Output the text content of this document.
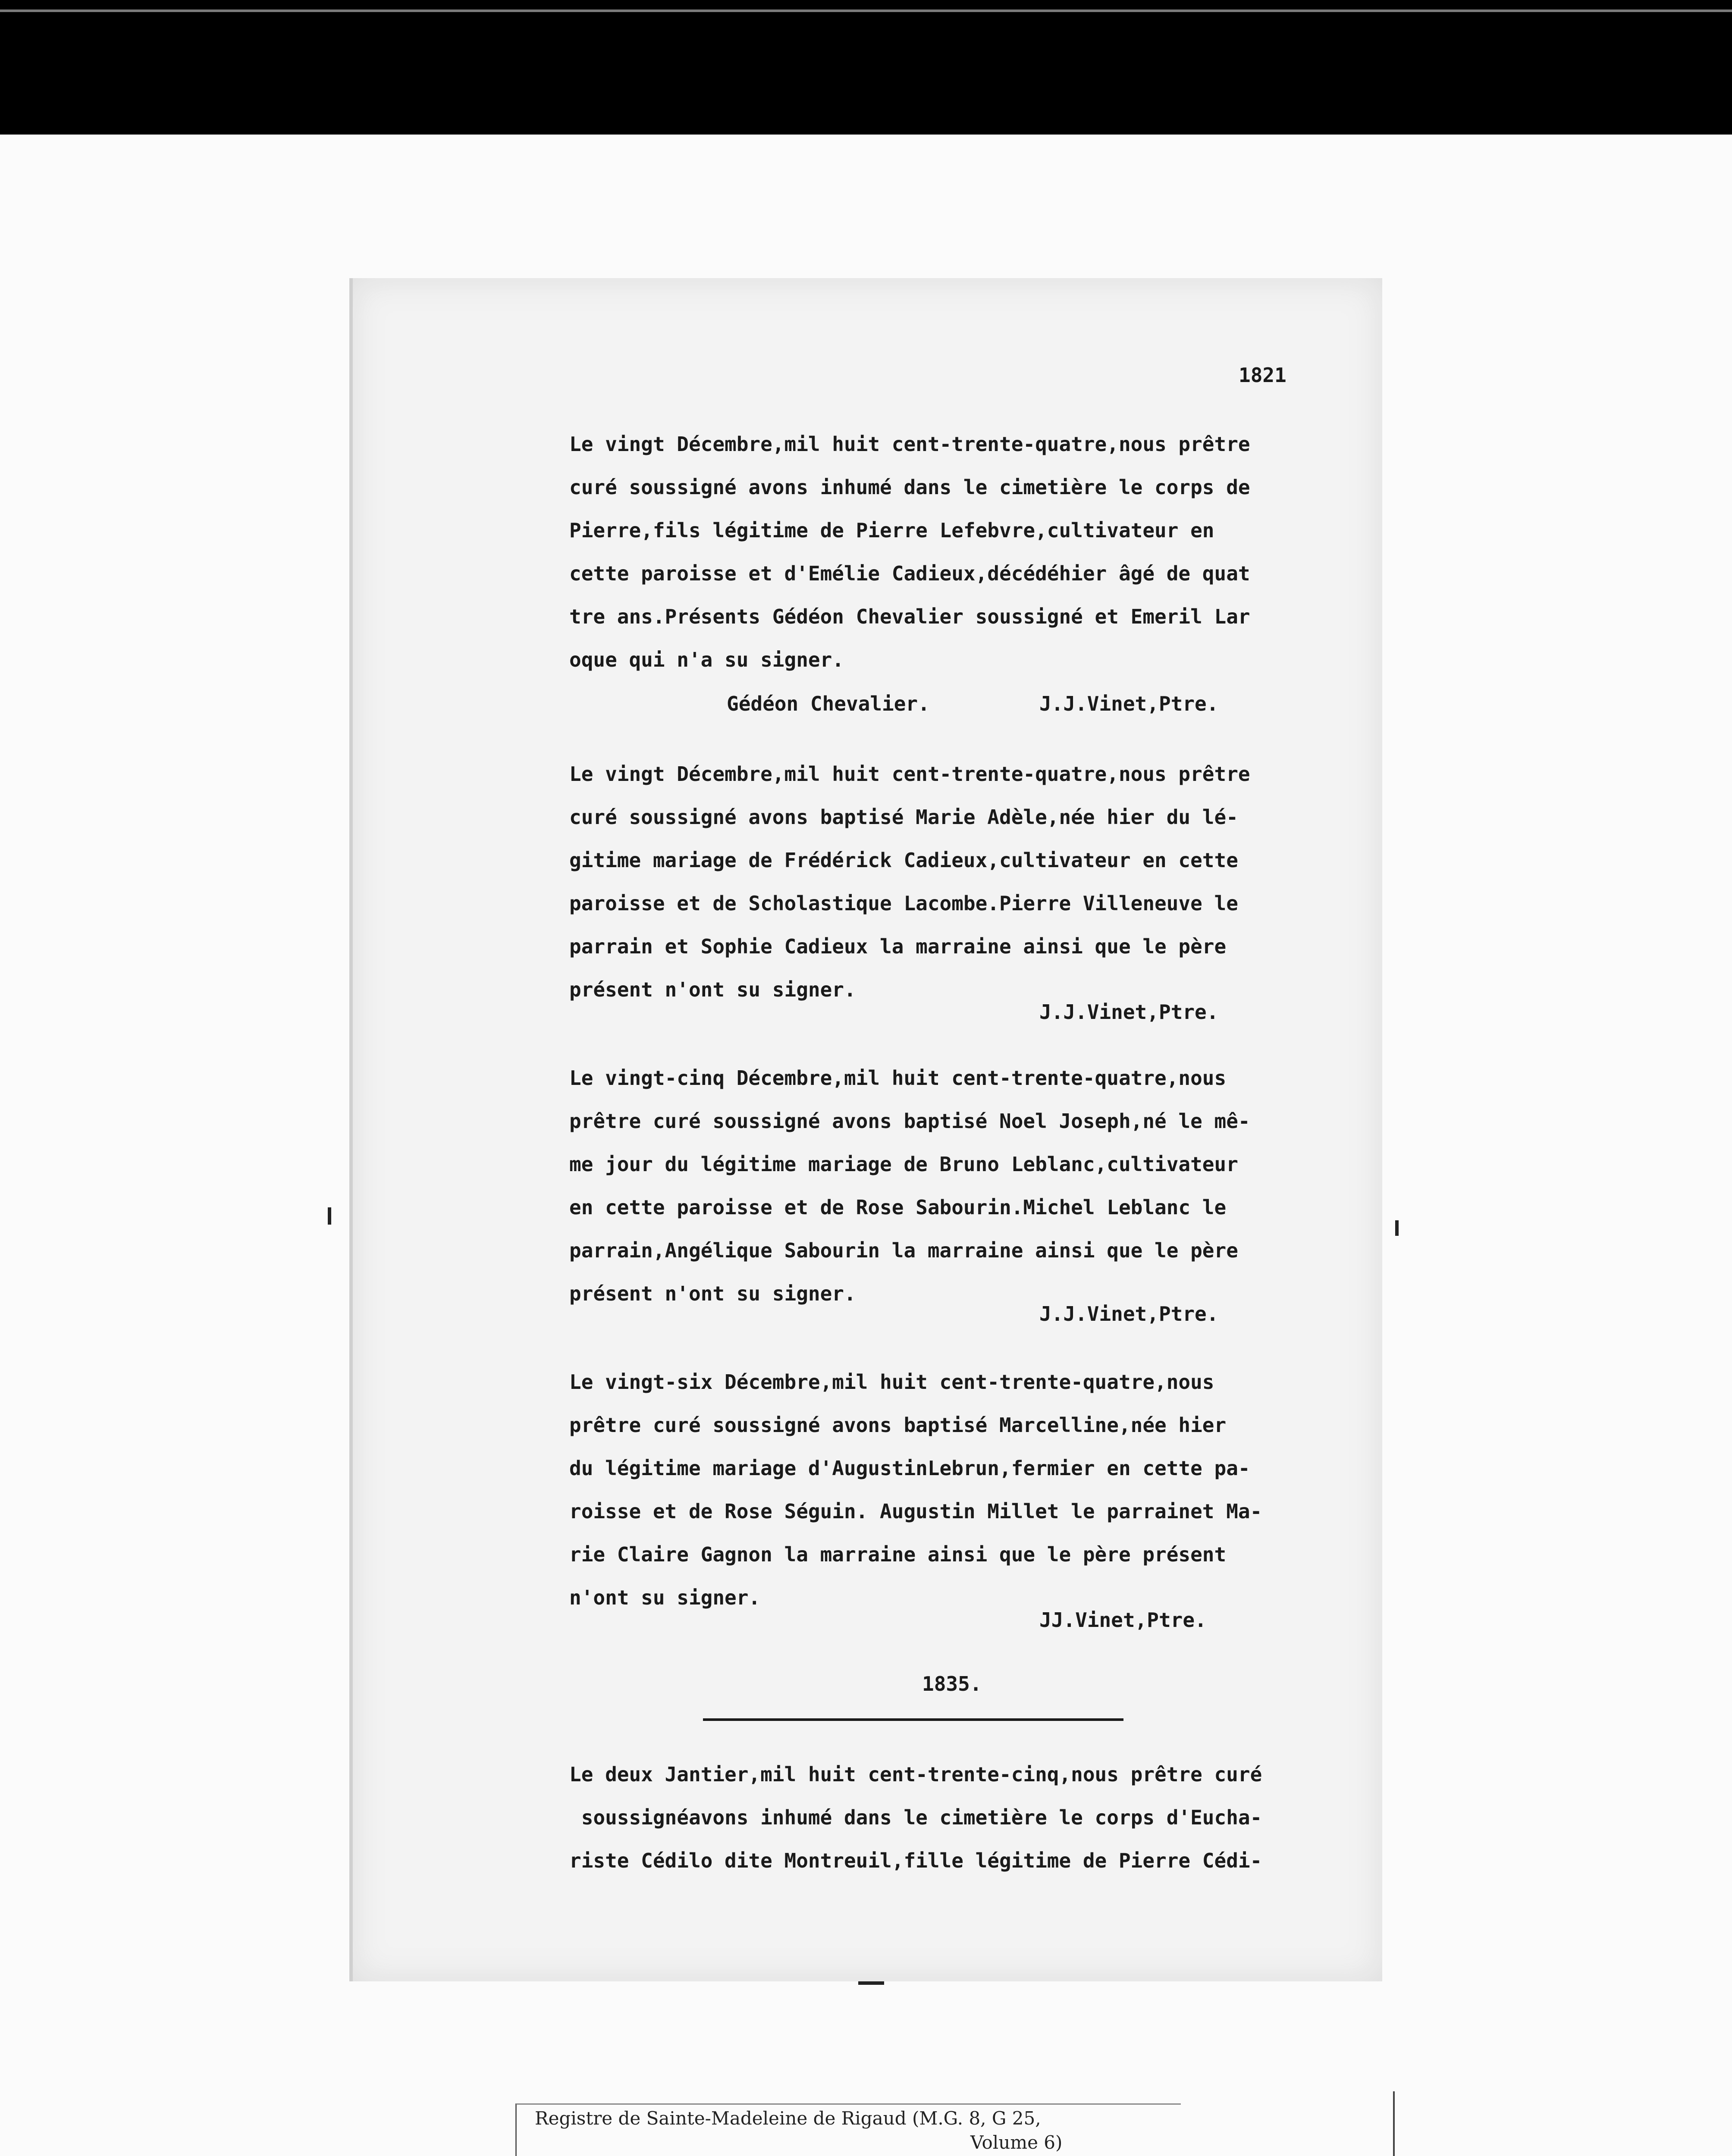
1821
Le vingt Décembre,mil huit cent-trente-quatre,nous prêtre
curé soussigné avons inhumé dans le cimetière le corps de
Pierre,fils légitime de Pierre Lefebvre,cultivateur en
cette paroisse et d'Emélie Cadieux,décédéhier âgé de quat
tre ans.Présents Gédéon Chevalier soussigné et Emeril Lar
oque qui n'a su signer.
Gédéon Chevalier.	J.J.Vinet,Ptre.
Le vingt Décembre,mil huit cent-trente-quatre,nous prêtre
curé soussigné avons baptisé Marie Adèle,née hier du lé-
gitime mariage de Frédérick Cadieux,cultivateur en cette
paroisse et de Scholastique Lacombe.Pierre Villeneuve le
parrain et Sophie Cadieux la marraine ainsi que le père
présent n'ont su signer.
J.J.Vinet,Ptre.
Le vingt-cinq Décembre,mil huit cent-trente-quatre,nous
prêtre curé soussigné avons baptisé Noel Joseph,né le mê-
me jour du légitime mariage de Bruno Leblanc,cultivateur
en cette paroisse et de Rose Sabourin.Michel Leblanc le
parrain,Angélique Sabourin la marraine ainsi que le père
présent n'ont su signer.
J.J.Vinet,Ptre.
Le vingt-six Décembre,mil huit cent-trente-quatre,nous
prêtre curé soussigné avons baptisé Marcelline,née hier
du légitime mariage d'AugustinLebrun,fermier en cette pa-
roisse et de Rose Séguin. Augustin Millet le parrainet Ma-
rie Claire Gagnon la marraine ainsi que le père présent
n'ont su signer.
JJ.Vinet,Ptre.
1835.
Le deux Jantier,mil huit cent-trente-cinq,nous prêtre curé
soussignéavons inhumé dans le cimetière le corps d'Eucha-
riste Cédilo dite Montreuil,fille légitime de Pierre Cédi-
Registre de Sainte-Madeleine de Rigaud (M.G. 8, G 25,
Volume 6)
